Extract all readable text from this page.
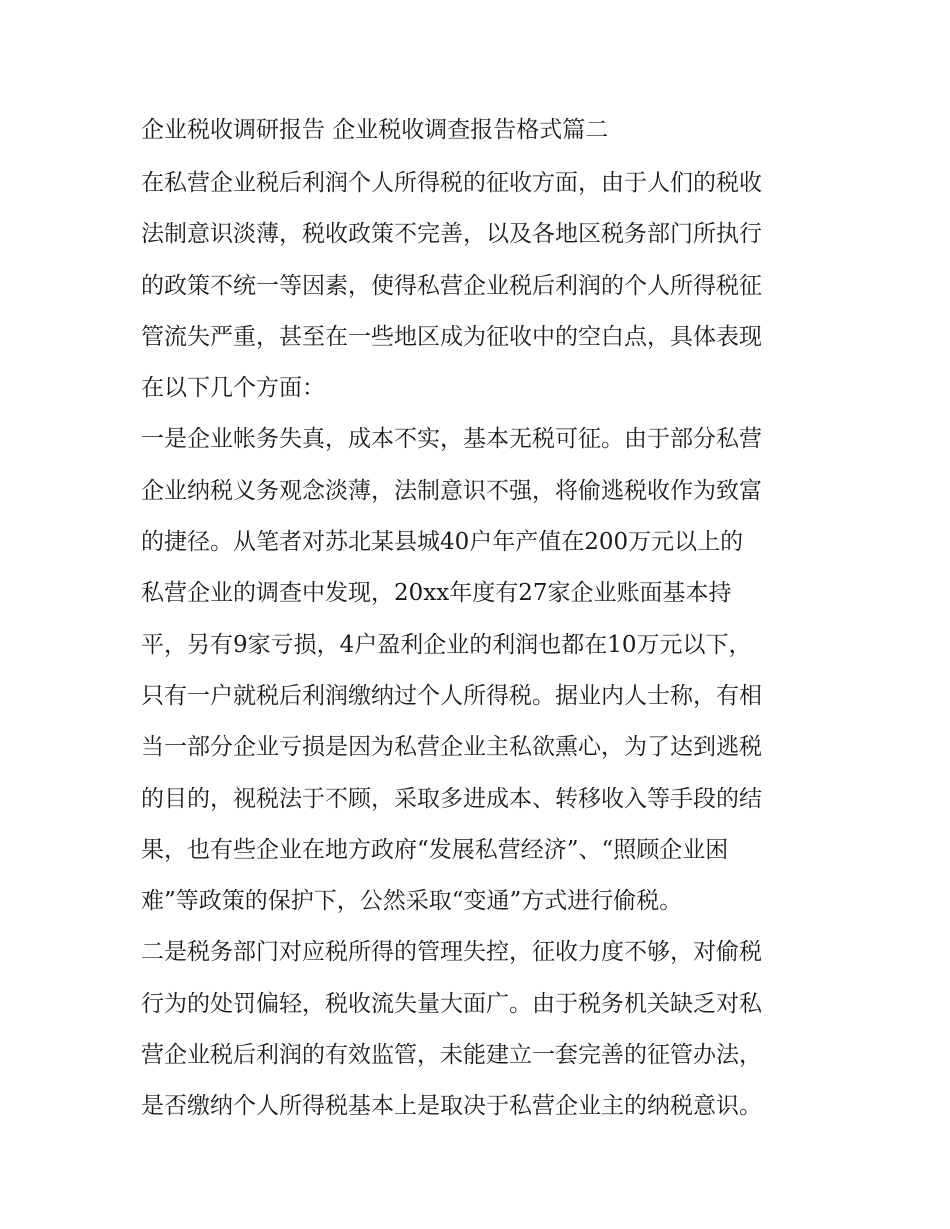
企业税收调研报告 企业税收调查报告格式篇二

在私营企业税后利润个人所得税的征收方面，由于人们的税收
法制意识淡薄，税收政策不完善，以及各地区税务部门所执行
的政策不统一等因素，使得私营企业税后利润的个人所得税征
管流失严重，甚至在一些地区成为征收中的空白点，具体表现
在以下几个方面：

一是企业帐务失真，成本不实，基本无税可征。由于部分私营
企业纳税义务观念淡薄，法制意识不强，将偷逃税收作为致富
的捷径。从笔者对苏北某县城40户年产值在200万元以上的
私营企业的调查中发现，20xx年度有27家企业账面基本持
平，另有9家亏损，4户盈利企业的利润也都在10万元以下，
只有一户就税后利润缴纳过个人所得税。据业内人士称，有相
当一部分企业亏损是因为私营企业主私欲熏心，为了达到逃税
的目的，视税法于不顾，采取多进成本、转移收入等手段的结
果，也有些企业在地方政府“发展私营经济”、“照顾企业困
难”等政策的保护下，公然采取“变通”方式进行偷税。

二是税务部门对应税所得的管理失控，征收力度不够，对偷税
行为的处罚偏轻，税收流失量大面广。由于税务机关缺乏对私
营企业税后利润的有效监管，未能建立一套完善的征管办法，
是否缴纳个人所得税基本上是取决于私营企业主的纳税意识。
